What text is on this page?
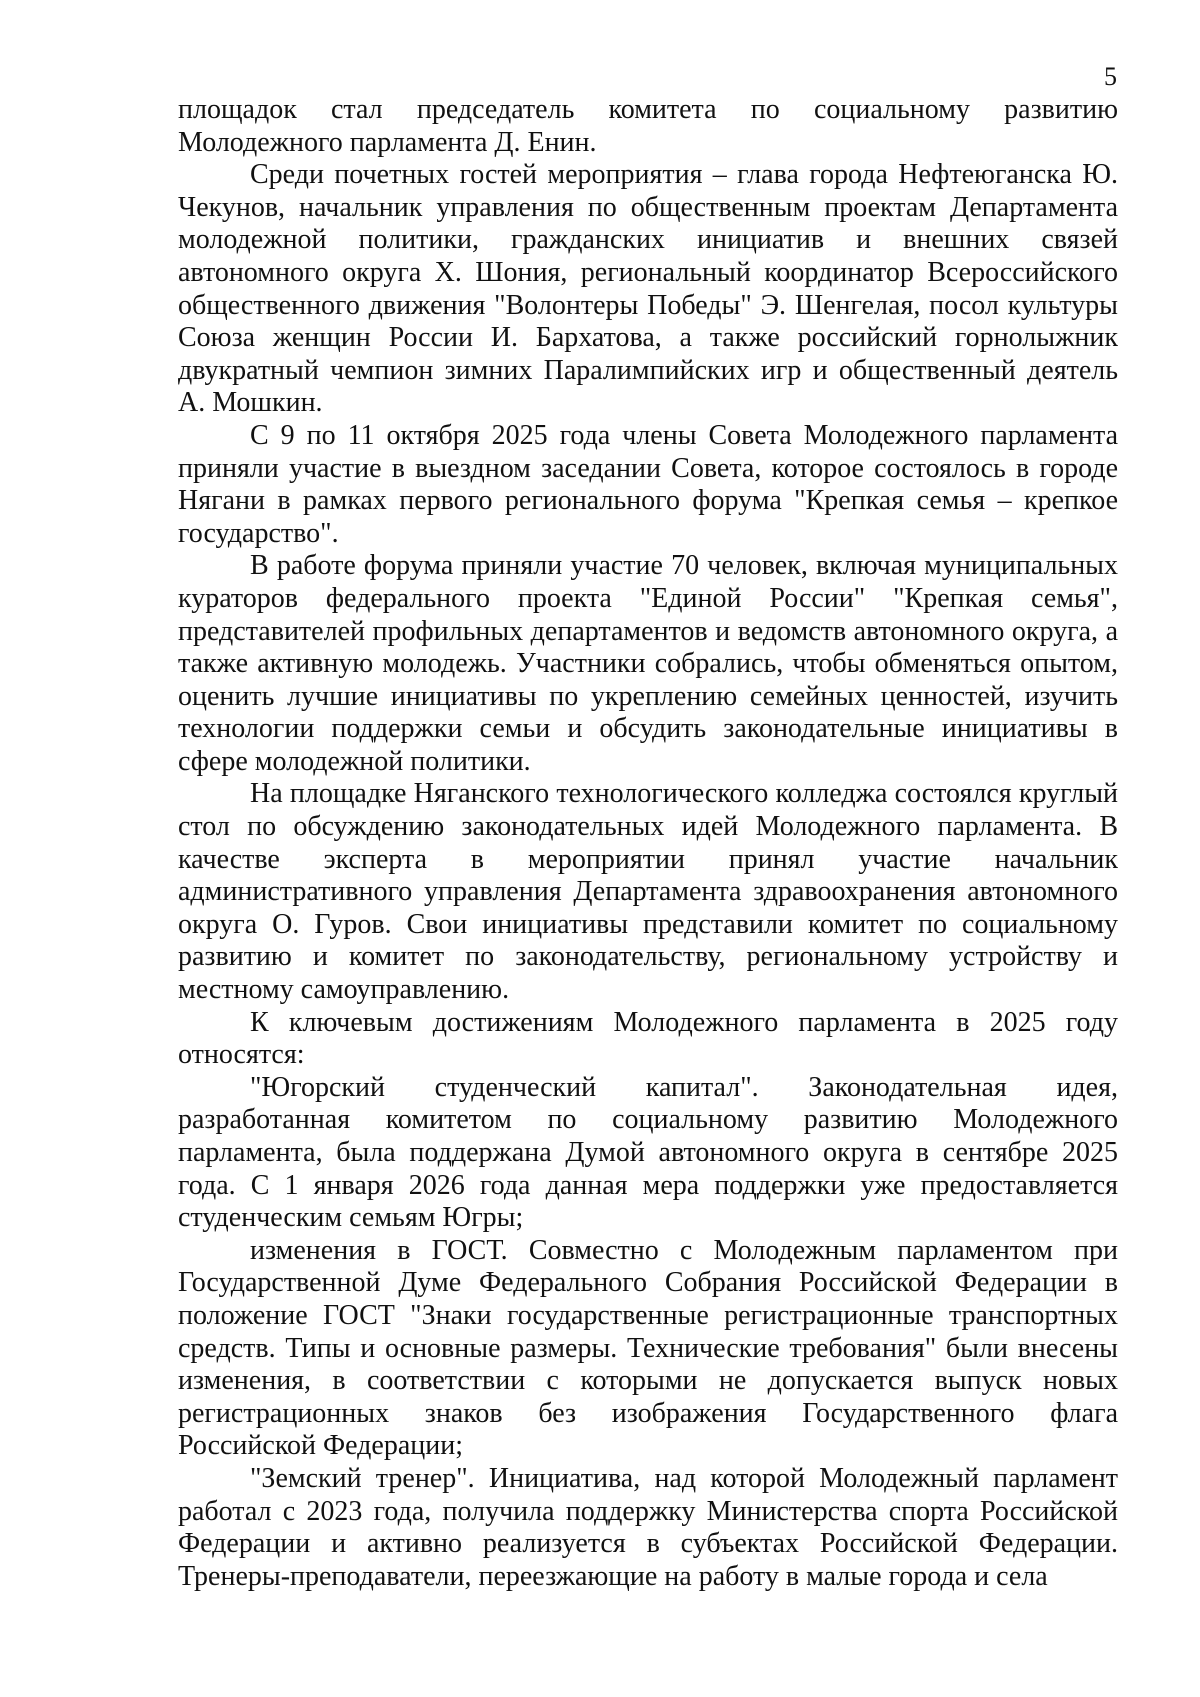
5

площадок стал председатель комитета по социальному развитию Молодежного парламента Д. Енин.

Среди почетных гостей мероприятия – глава города Нефтеюганска Ю. Чекунов, начальник управления по общественным проектам Департамента молодежной политики, гражданских инициатив и внешних связей автономного округа Х. Шония, региональный координатор Всероссийского общественного движения "Волонтеры Победы" Э. Шенгелая, посол культуры Союза женщин России И. Бархатова, а также российский горнолыжник двукратный чемпион зимних Паралимпийских игр и общественный деятель А. Мошкин.

С 9 по 11 октября 2025 года члены Совета Молодежного парламента приняли участие в выездном заседании Совета, которое состоялось в городе Нягани в рамках первого регионального форума "Крепкая семья – крепкое государство".

В работе форума приняли участие 70 человек, включая муниципальных кураторов федерального проекта "Единой России" "Крепкая семья", представителей профильных департаментов и ведомств автономного округа, а также активную молодежь. Участники собрались, чтобы обменяться опытом, оценить лучшие инициативы по укреплению семейных ценностей, изучить технологии поддержки семьи и обсудить законодательные инициативы в сфере молодежной политики.

На площадке Няганского технологического колледжа состоялся круглый стол по обсуждению законодательных идей Молодежного парламента. В качестве эксперта в мероприятии принял участие начальник административного управления Департамента здравоохранения автономного округа О. Гуров. Свои инициативы представили комитет по социальному развитию и комитет по законодательству, региональному устройству и местному самоуправлению.

К ключевым достижениям Молодежного парламента в 2025 году относятся:

"Югорский студенческий капитал". Законодательная идея, разработанная комитетом по социальному развитию Молодежного парламента, была поддержана Думой автономного округа в сентябре 2025 года. С 1 января 2026 года данная мера поддержки уже предоставляется студенческим семьям Югры;

изменения в ГОСТ. Совместно с Молодежным парламентом при Государственной Думе Федерального Собрания Российской Федерации в положение ГОСТ "Знаки государственные регистрационные транспортных средств. Типы и основные размеры. Технические требования" были внесены изменения, в соответствии с которыми не допускается выпуск новых регистрационных знаков без изображения Государственного флага Российской Федерации;

"Земский тренер". Инициатива, над которой Молодежный парламент работал с 2023 года, получила поддержку Министерства спорта Российской Федерации и активно реализуется в субъектах Российской Федерации. Тренеры-преподаватели, переезжающие на работу в малые города и села
